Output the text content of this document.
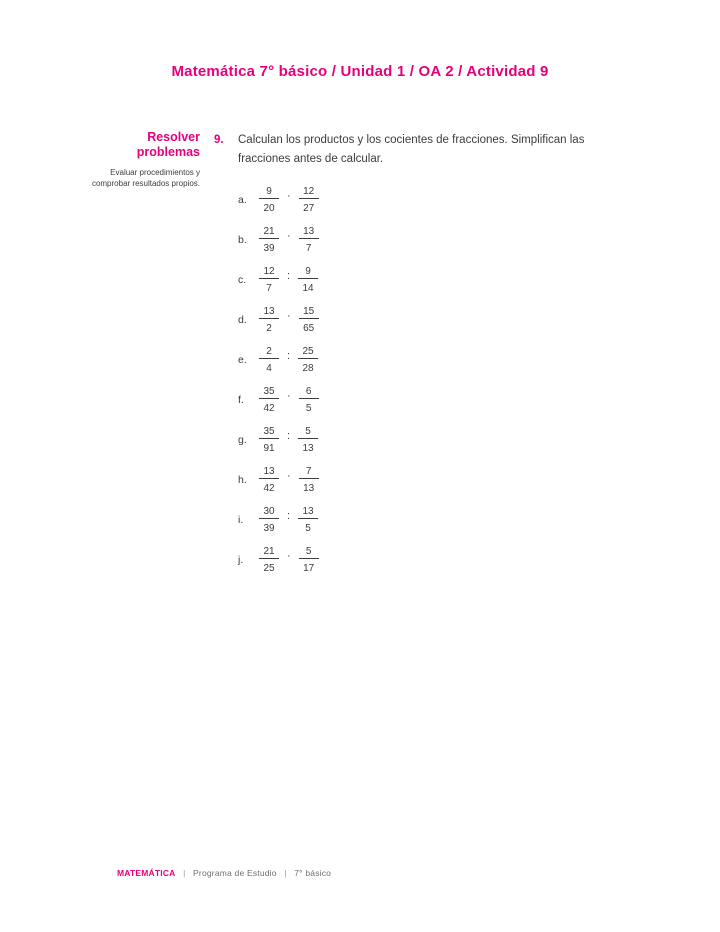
Matemática 7° básico / Unidad 1 / OA 2 / Actividad 9
Resolver
problemas
Evaluar procedimientos y comprobar resultados propios.
9.	Calculan los productos y los cocientes de fracciones. Simplifican las fracciones antes de calcular.
a.	$\frac{9}{20} \cdot \frac{12}{27}$
b.	$\frac{21}{39} \cdot \frac{13}{7}$
c.	$\frac{12}{7}$ : $\frac{9}{14}$
d.	$\frac{13}{2} \cdot \frac{15}{65}$
e.	$\frac{2}{4}$ : $\frac{25}{28}$
f.	$\frac{35}{42} \cdot \frac{6}{5}$
g.	$\frac{35}{91}$ : $\frac{5}{13}$
h.	$\frac{13}{42} \cdot \frac{7}{13}$
i.	$\frac{30}{39}$ : $\frac{13}{5}$
j.	$\frac{21}{25} \cdot \frac{5}{17}$
MATEMÁTICA | Programa de Estudio | 7° básico
